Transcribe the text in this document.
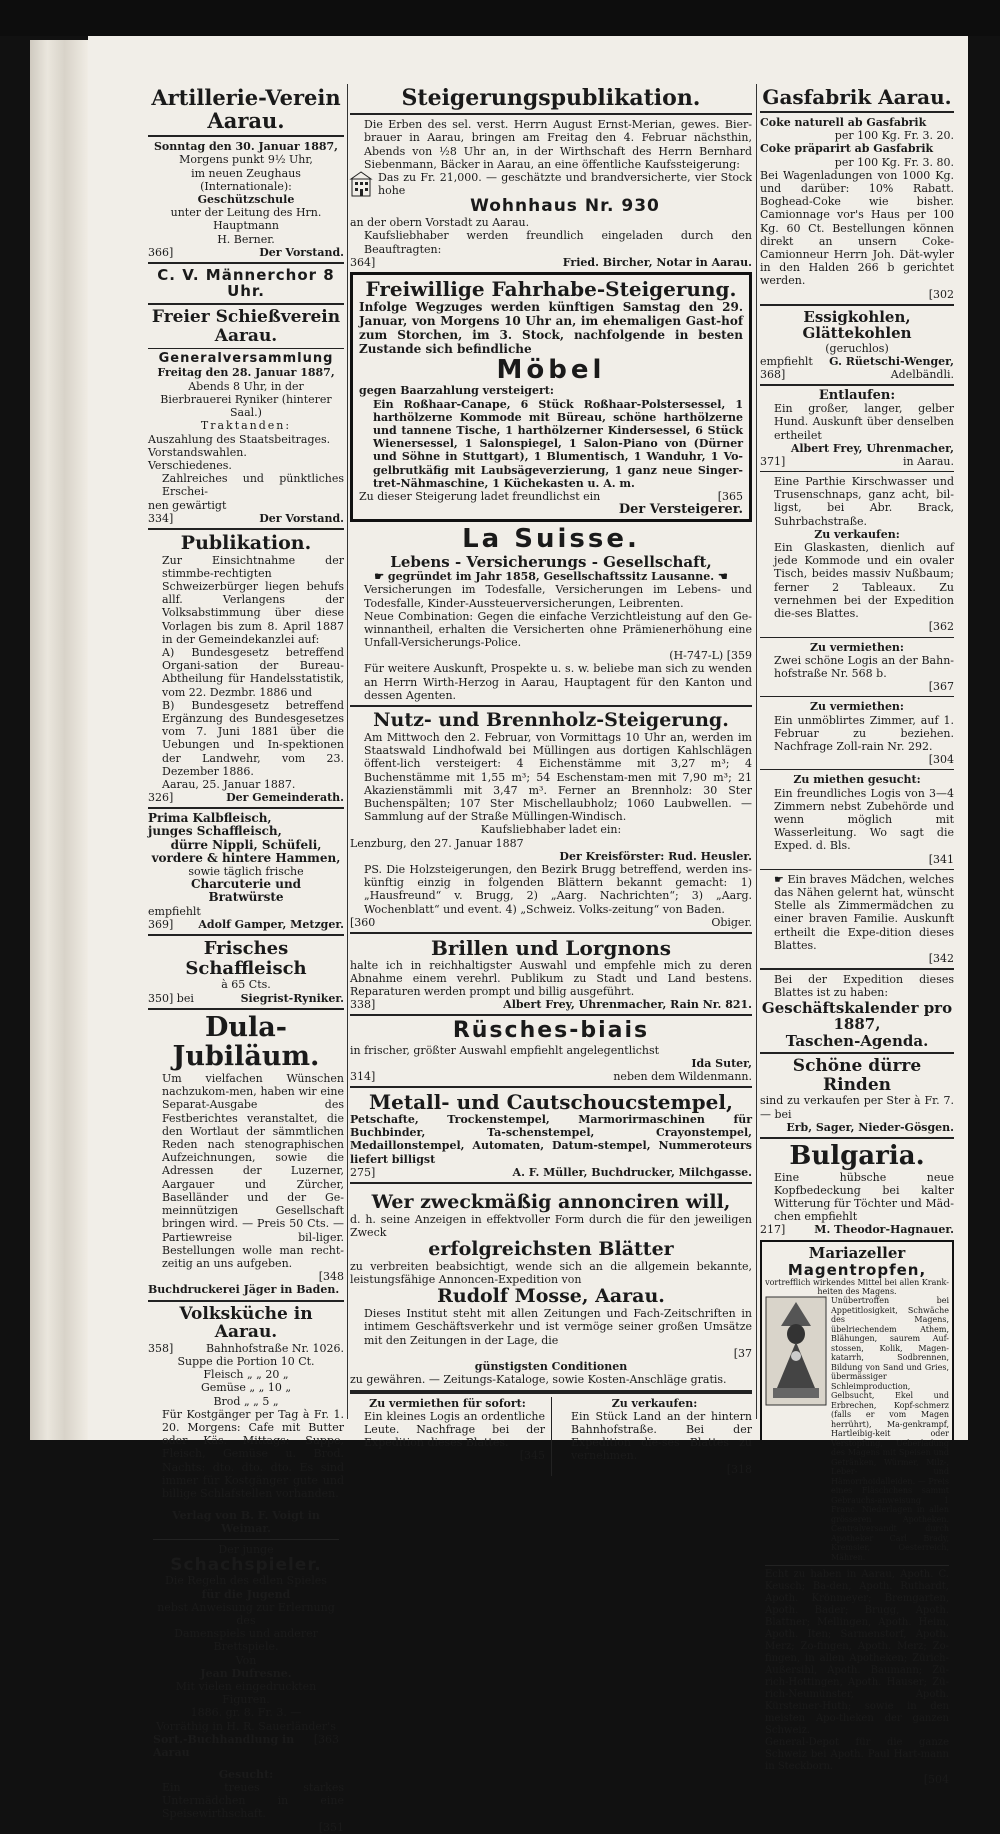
Artillerie-Verein Aarau.

Sonntag den 30. Januar 1887,

Morgens punkt 9½ Uhr,

im neuen Zeughaus (Internationale):

Geschützschule

unter der Leitung des Hrn. Hauptmann

H. Berner.

366]	Der Vorstand.

C. V. Männerchor 8 Uhr.

Freier Schießverein Aarau.

Generalversammlung

Freitag den 28. Januar 1887,

Abends 8 Uhr, in der

Bierbrauerei Ryniker (hinterer Saal.)

Traktanden:

Auszahlung des Staatsbeitrages.

Vorstandswahlen.

Verschiedenes.

Zahlreiches und pünktliches Erschei-

nen gewärtigt

334]	Der Vorstand.

Publikation.

Zur Einsichtnahme der stimmbe-rechtigten Schweizerbürger liegen behufs allf. Verlangens der Volksabstimmung über diese Vorlagen bis zum 8. April 1887 in der Gemeindekanzlei auf:

A) Bundesgesetz betreffend Organi-sation der Bureau-Abtheilung für Handelsstatistik, vom 22. Dezmbr. 1886 und

B) Bundesgesetz betreffend Ergänzung des Bundesgesetzes vom 7. Juni 1881 über die Uebungen und In-spektionen der Landwehr, vom 23. Dezember 1886.

Aarau, 25. Januar 1887.

326]	Der Gemeinderath.

Prima Kalbfleisch,

junges Schaffleisch,

dürre Nippli, Schüfeli,

vordere & hintere Hammen,

sowie täglich frische

Charcuterie und

Bratwürste

empfiehlt

369] Adolf Gamper, Metzger.

Frisches Schaffleisch

à 65 Cts.

350] bei	Siegrist-Ryniker.

Dula-Jubiläum.

Um vielfachen Wünschen nachzukom-men, haben wir eine Separat-Ausgabe des Festberichtes veranstaltet, die den Wortlaut der sämmtlichen Reden nach stenographischen Aufzeichnungen, sowie die Adressen der Luzerner, Aargauer und Zürcher, Baselländer und der Ge-meinnützigen Gesellschaft bringen wird. — Preis 50 Cts. — Partiewreise bil-liger. Bestellungen wolle man recht-zeitig an uns aufgeben.

[348

Buchdruckerei Jäger in Baden.

Volksküche in Aarau.

358]	Bahnhofstraße Nr. 1026.

Suppe die Portion 10 Ct.

Fleisch „ „ 20 „

Gemüse „ „ 10 „

Brod „ „ 5 „

Für Kostgänger per Tag à Fr. 1. 20. Morgens: Cafe mit Butter oder Käs. Mittags: Suppe, Fleisch, Gemüse u. Brod. Nachts: dto. dto. dto. Es sind immer für Kostgänger gute und billige Schlafstellen vorhanden.

Verlag von B. F. Voigt in Weimar.

Der junge

Schachspieler.

Die Regeln des edlen Spieles

für die Jugend

nebst Anweisung zur Erlernung des

Damenspiels und anderer Brettspiele.

Von

Jean Dufresne.

Mit vielen eingedruckten Figuren.

1886. gr. 8. Fr. 3. —

Vorräthig in H. R. Sauerländer's

Sort.-Buchhandlung in Aarau
[363

Gesucht:

Ein treues starkes Untermädchen in eine Speisewirthschaft.

[351

Steigerungspublikation.

Die Erben des sel. verst. Herrn August Ernst-Merian, gewes. Bier-brauer in Aarau, bringen am Freitag den 4. Februar nächsthin, Abends von ½8 Uhr an, in der Wirthschaft des Herrn Bernhard Siebenmann, Bäcker in Aarau, an eine öffentliche Kaufssteigerung:

Das zu Fr. 21,000. — geschätzte und brandversicherte, vier Stock hohe

Wohnhaus Nr. 930

an der obern Vorstadt zu Aarau.

Kaufsliebhaber werden freundlich eingeladen durch den Beauftragten:

364]	Fried. Bircher, Notar in Aarau.

Freiwillige Fahrhabe-Steigerung.

Infolge Wegzuges werden künftigen Samstag den 29. Januar, von Morgens 10 Uhr an, im ehemaligen Gast-hof zum Storchen, im 3. Stock, nachfolgende in besten Zustande sich befindliche

Möbel

gegen Baarzahlung versteigert:

Ein Roßhaar-Canape, 6 Stück Roßhaar-Polstersessel, 1 harthölzerne Kommode mit Büreau, schöne harthölzerne und tannene Tische, 1 harthölzerner Kindersessel, 6 Stück Wienersessel, 1 Salonspiegel, 1 Salon-Piano von (Dürner und Söhne in Stuttgart), 1 Blumentisch, 1 Wanduhr, 1 Vo-gelbrutkäfig mit Laubsägeverzierung, 1 ganz neue Singer-tret-Nähmaschine, 1 Küchekasten u. A. m.

Zu dieser Steigerung ladet freundlichst ein	[365

Der Versteigerer.

La Suisse.

Lebens - Versicherungs - Gesellschaft,

☛ gegründet im Jahr 1858, Gesellschaftssitz Lausanne. ☚

Versicherungen im Todesfalle, Versicherungen im Lebens- und Todesfalle, Kinder-Aussteuerversicherungen, Leibrenten.

Neue Combination: Gegen die einfache Verzichtleistung auf den Ge-winnantheil, erhalten die Versicherten ohne Prämienerhöhung eine Unfall-Versicherungs-Police.

(H-747-L) [359

Für weitere Auskunft, Prospekte u. s. w. beliebe man sich zu wenden an Herrn Wirth-Herzog in Aarau, Hauptagent für den Kanton und dessen Agenten.

Nutz- und Brennholz-Steigerung.

Am Mittwoch den 2. Februar, von Vormittags 10 Uhr an, werden im Staatswald Lindhofwald bei Müllingen aus dortigen Kahlschlägen öffent-lich versteigert: 4 Eichenstämme mit 3,27 m³; 4 Buchenstämme mit 1,55 m³; 54 Eschenstam-men mit 7,90 m³; 21 Akazienstämmli mit 3,47 m³. Ferner an Brennholz: 30 Ster Buchenspälten; 107 Ster Mischellaubholz; 1060 Laubwellen. — Sammlung auf der Straße Müllingen-Windisch.

Kaufsliebhaber ladet ein:

Lenzburg, den 27. Januar 1887

Der Kreisförster: Rud. Heusler.

PS. Die Holzsteigerungen, den Bezirk Brugg betreffend, werden ins-künftig einzig in folgenden Blättern bekannt gemacht: 1) „Hausfreund“ v. Brugg, 2) „Aarg. Nachrichten“; 3) „Aarg. Wochenblatt“ und event. 4) „Schweiz. Volks-zeitung“ von Baden.

[360	Obiger.

Brillen und Lorgnons

halte ich in reichhaltigster Auswahl und empfehle mich zu deren Abnahme einem verehrl. Publikum zu Stadt und Land bestens. Reparaturen werden prompt und billig ausgeführt.

338]	Albert Frey, Uhrenmacher, Rain Nr. 821.

Rüsches-biais

in frischer, größter Auswahl empfiehlt angelegentlichst

Ida Suter,

314]	neben dem Wildenmann.

Metall- und Cautschoucstempel,

Petschafte, Trockenstempel, Marmorirmaschinen für Buchbinder, Ta-schenstempel, Crayonstempel, Medaillonstempel, Automaten, Datum-stempel, Nummeroteurs liefert billigst

275]	A. F. Müller, Buchdrucker, Milchgasse.

Wer zweckmäßig annonciren will,

d. h. seine Anzeigen in effektvoller Form durch die für den jeweiligen Zweck

erfolgreichsten Blätter

zu verbreiten beabsichtigt, wende sich an die allgemein bekannte, leistungsfähige Annoncen-Expedition von

Rudolf Mosse, Aarau.

Dieses Institut steht mit allen Zeitungen und Fach-Zeitschriften in intimem Geschäftsverkehr und ist vermöge seiner großen Umsätze mit den Zeitungen in der Lage, die

[37

günstigsten Conditionen

zu gewähren. — Zeitungs-Kataloge, sowie Kosten-Anschläge gratis.

Zu vermiethen für sofort:

Ein kleines Logis an ordentliche Leute. Nachfrage bei der Expedition dieses Blattes.

[345

Zu verkaufen:

Ein Stück Land an der hintern Bahnhofstraße. Bei der Expedition die-ses Blattes zu vernehmen.

[318

Gasfabrik Aarau.

Coke naturell ab Gasfabrik

per 100 Kg. Fr. 3. 20.

Coke präparirt ab Gasfabrik

per 100 Kg. Fr. 3. 80.

Bei Wagenladungen von 1000 Kg. und darüber: 10% Rabatt. Boghead-Coke wie bisher. Camionnage vor's Haus per 100 Kg. 60 Ct. Bestellungen können direkt an unsern Coke-Camionneur Herrn Joh. Dät-wyler in den Halden 266 b gerichtet werden.

[302

Essigkohlen, Glättekohlen

(geruchlos)

empfiehlt G. Rüetschi-Wenger,
368]	Adelbändli.

Entlaufen:

Ein großer, langer, gelber Hund. Auskunft über denselben ertheilet

Albert Frey, Uhrenmacher,

371]	in Aarau.

Eine Parthie Kirschwasser und Trusenschnaps, ganz acht, bil-ligst, bei Abr. Brack, Suhrbachstraße.

Zu verkaufen:

Ein Glaskasten, dienlich auf jede Kommode und ein ovaler Tisch, beides massiv Nußbaum; ferner 2 Tableaux. Zu vernehmen bei der Expedition die-ses Blattes.

[362

Zu vermiethen:

Zwei schöne Logis an der Bahn-hofstraße Nr. 568 b.

[367

Zu vermiethen:

Ein unmöblirtes Zimmer, auf 1. Februar zu beziehen. Nachfrage Zoll-rain Nr. 292.

[304

Zu miethen gesucht:

Ein freundliches Logis von 3—4 Zimmern nebst Zubehörde und wenn möglich mit Wasserleitung. Wo sagt die Exped. d. Bls.

[341

☛ Ein braves Mädchen, welches das Nähen gelernt hat, wünscht Stelle als Zimmermädchen zu einer braven Familie. Auskunft ertheilt die Expe-dition dieses Blattes.

[342

Bei der Expedition dieses Blattes ist zu haben:

Geschäftskalender pro 1887,

Taschen-Agenda.

Schöne dürre Rinden

sind zu verkaufen per Ster à Fr. 7. — bei

Erb, Sager, Nieder-Gösgen.

Bulgaria.

Eine hübsche neue Kopfbedeckung bei kalter Witterung für Töchter und Mäd-chen empfiehlt

217]	M. Theodor-Hagnauer.

Mariazeller

Magentropfen,

vortrefflich wirkendes Mittel bei allen Krank-heiten des Magens.

Unübertroffen bei Appetitlosigkeit, Schwäche des Magens, übelriechendem Athem, Blähungen, saurem Auf-stossen, Kolik, Magen-katarrh, Sodbrennen, Bildung von Sand und Gries, übermässiger Schleimproduction, Gelbsucht, Ekel und Erbrechen, Kopf-schmerz (falls er vom Magen herrührt), Ma-genkrampf, Hartleibig-keit oder Verstopfung, Ueberladung des Magens mit Speisen und Getränken, Würmer, Milz-, Leber- und Hämorrhoidalleiden. — Preis eines Fläschchens sammt Gebrauchs-anweisung 1 Franc. Niederlagen in allen grösseren Apotheken. Centralversandt durch Apotheker Carl Brady, Kremsier, Oesterreich, Mähren.

Echt zu haben in Aarau, Apoth. C. Keusch; Ba-den, Apoth. Ruthardt, Apoth. Krönmeyer; Bremgarten, Apoth. Bader; Brugg, Apoth. Blattner; Mellingen, Apoth. Heim, Apoth. Iten; Sarmenstorf, Apoth. Merz; Zo-fingen, Apoth. Merz; Zo-fingen, in allen Apotheken; Zürich-Außersihl, Apoth. Baumann; Zü-rich-Hottingen, Apoth. Hauser; Zü-rich-Neumünster, Apoth. Kürsteiner-Huth; sowie in den meisten Apo-theken der ganzen Schweiz.

General-Depot für die ganze Schweiz bei Apoth. Paul Hart-mann in Steckborn.

[504
